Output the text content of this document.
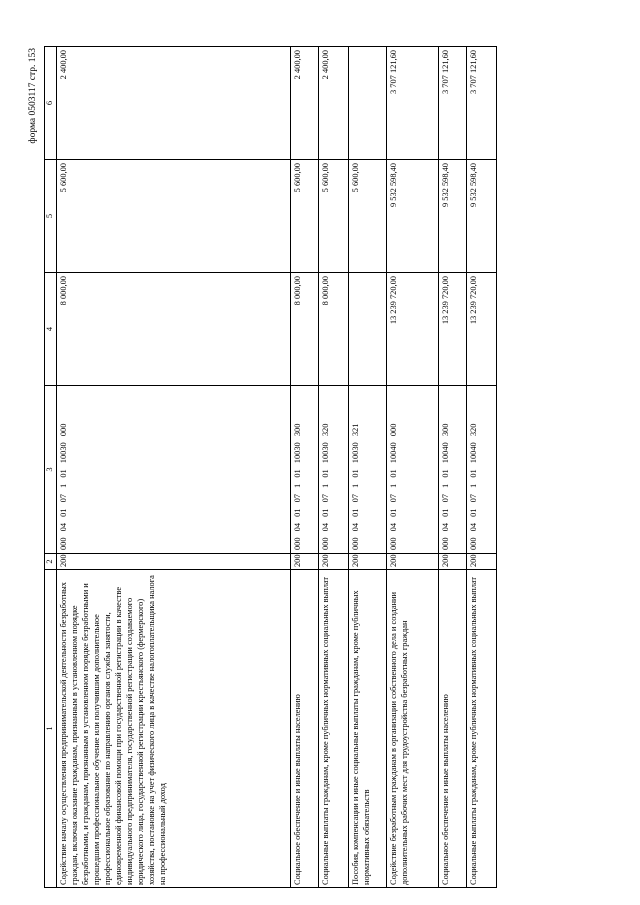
форма 0503117 стр. 153
1	2	3	4	5	6
Содействие началу осуществления предпринимательской деятельности безработных граждан, включая оказание гражданам, признанным в установленном порядке безработными, и гражданам, признанным в установленном порядке безработными и прошедшим профессиональное обучение или получившим дополнительное профессиональное образование по направлению органов службы занятости, единовременной финансовой помощи при государственной регистрации в качестве индивидуального предпринимателя, государственной регистрации создаваемого юридического лица, государственной регистрации крестьянского (фермерского) хозяйства, постановке на учет физического лица в качестве налогоплательщика налога на профессиональный доход	200	000 04 01 07 1 01 10030 000	8 000,00	5 600,00	2 400,00
Социальное обеспечение и иные выплаты населению	200	000 04 01 07 1 01 10030 300	8 000,00	5 600,00	2 400,00
Социальные выплаты гражданам, кроме публичных нормативных социальных выплат	200	000 04 01 07 1 01 10030 320	8 000,00	5 600,00	2 400,00
Пособия, компенсации и иные социальные выплаты гражданам, кроме публичных нормативных обязательств	200	000 04 01 07 1 01 10030 321		5 600,00	
Содействие безработным гражданам в организации собственного дела и создании дополнительных рабочих мест для трудоустройства безработных граждан	200	000 04 01 07 1 01 10040 000	13 239 720,00	9 532 598,40	3 707 121,60
Социальное обеспечение и иные выплаты населению	200	000 04 01 07 1 01 10040 300	13 239 720,00	9 532 598,40	3 707 121,60
Социальные выплаты гражданам, кроме публичных нормативных социальных выплат	200	000 04 01 07 1 01 10040 320	13 239 720,00	9 532 598,40	3 707 121,60
